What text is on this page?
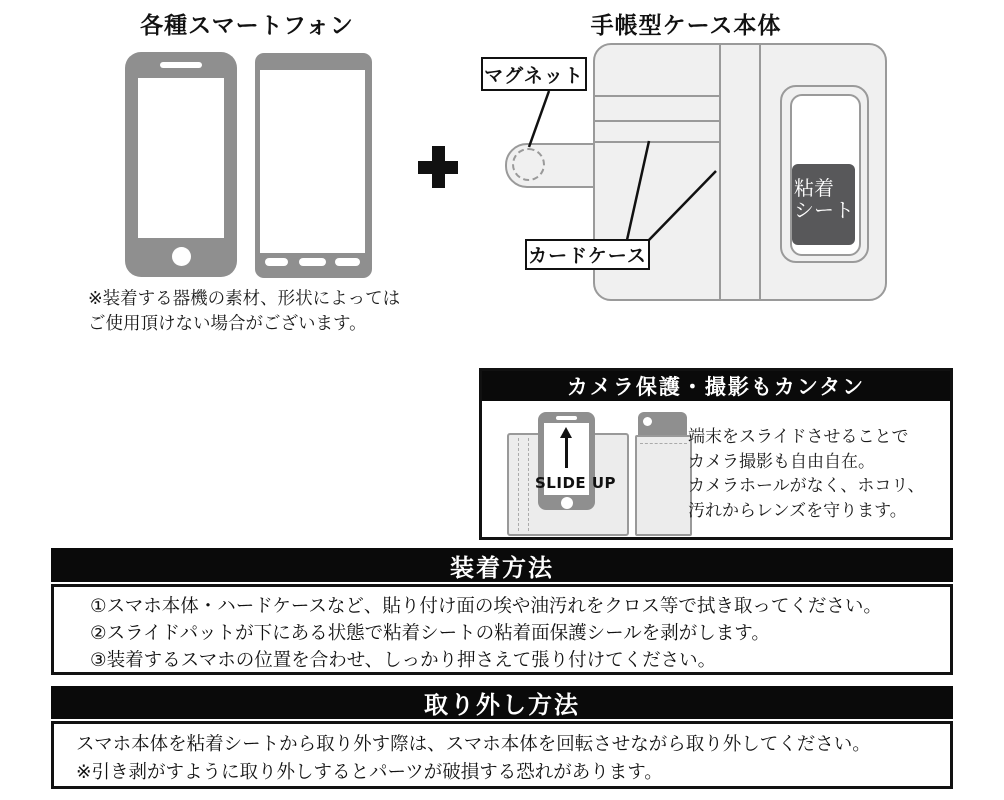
各種スマートフォン
※装着する器機の素材、形状によっては
ご使用頂けない場合がございます。
手帳型ケース本体
粘着
シート
マグネット
カードケース
カメラ保護・撮影もカンタン
SLIDE UP
端末をスライドさせることで
カメラ撮影も自由自在。
カメラホールがなく、ホコリ、
汚れからレンズを守ります。
装着方法
①スマホ本体・ハードケースなど、貼り付け面の埃や油汚れをクロス等で拭き取ってください。
②スライドパットが下にある状態で粘着シートの粘着面保護シールを剥がします。
③装着するスマホの位置を合わせ、しっかり押さえて張り付けてください。
取り外し方法
スマホ本体を粘着シートから取り外す際は、スマホ本体を回転させながら取り外してください。
※引き剥がすように取り外しするとパーツが破損する恐れがあります。
